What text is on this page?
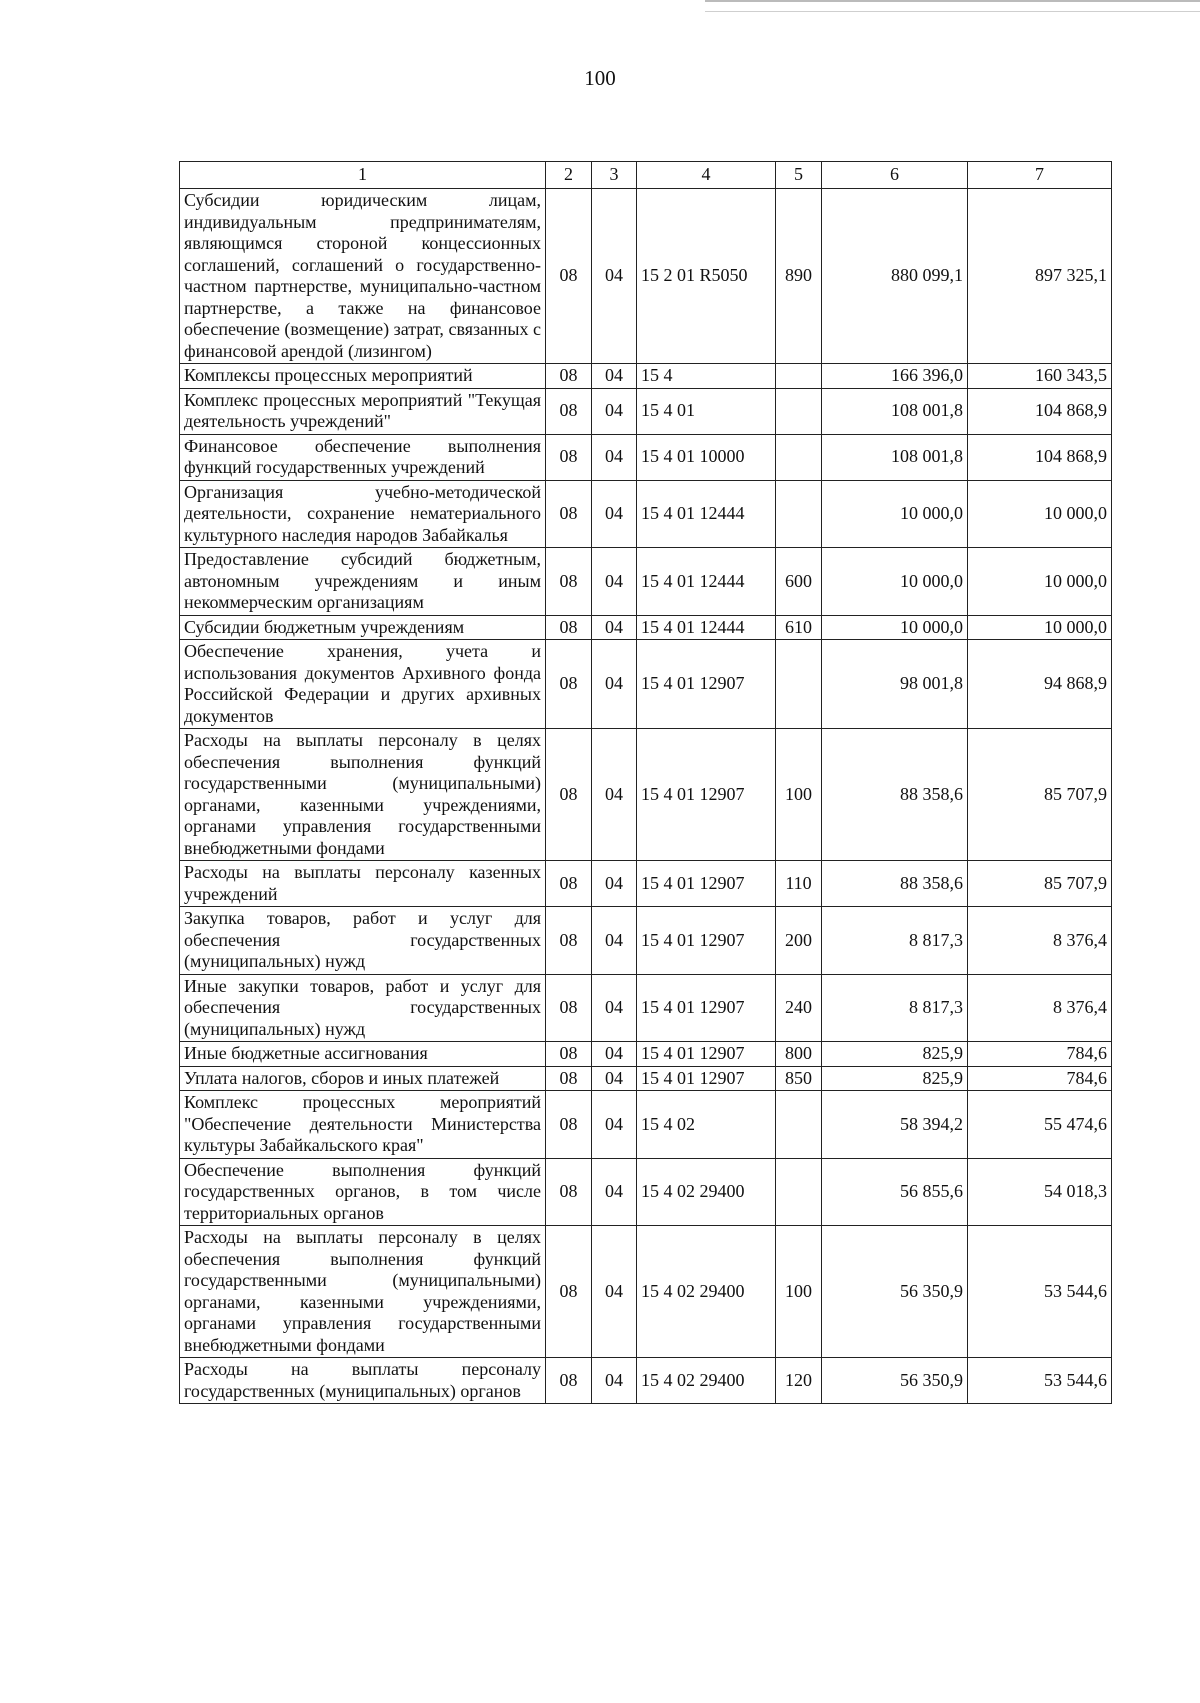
100
1	2	3	4	5	6	7
Субсидии юридическим лицам, индивидуальным предпринимателям, являющимся стороной концессионных соглашений, соглашений о государственно-частном партнерстве, муниципально-частном партнерстве, а также на финансовое обеспечение (возмещение) затрат, связанных с финансовой арендой (лизингом)	08	04	15 2 01 R5050	890	880 099,1	897 325,1
Комплексы процессных мероприятий	08	04	15 4		166 396,0	160 343,5
Комплекс процессных мероприятий "Текущая деятельность учреждений"	08	04	15 4 01		108 001,8	104 868,9
Финансовое обеспечение выполнения функций государственных учреждений	08	04	15 4 01 10000		108 001,8	104 868,9
Организация учебно-методической деятельности, сохранение нематериального культурного наследия народов Забайкалья	08	04	15 4 01 12444		10 000,0	10 000,0
Предоставление субсидий бюджетным, автономным учреждениям и иным некоммерческим организациям	08	04	15 4 01 12444	600	10 000,0	10 000,0
Субсидии бюджетным учреждениям	08	04	15 4 01 12444	610	10 000,0	10 000,0
Обеспечение хранения, учета и использования документов Архивного фонда Российской Федерации и других архивных документов	08	04	15 4 01 12907		98 001,8	94 868,9
Расходы на выплаты персоналу в целях обеспечения выполнения функций государственными (муниципальными) органами, казенными учреждениями, органами управления государственными внебюджетными фондами	08	04	15 4 01 12907	100	88 358,6	85 707,9
Расходы на выплаты персоналу казенных учреждений	08	04	15 4 01 12907	110	88 358,6	85 707,9
Закупка товаров, работ и услуг для обеспечения государственных (муниципальных) нужд	08	04	15 4 01 12907	200	8 817,3	8 376,4
Иные закупки товаров, работ и услуг для обеспечения государственных (муниципальных) нужд	08	04	15 4 01 12907	240	8 817,3	8 376,4
Иные бюджетные ассигнования	08	04	15 4 01 12907	800	825,9	784,6
Уплата налогов, сборов и иных платежей	08	04	15 4 01 12907	850	825,9	784,6
Комплекс процессных мероприятий "Обеспечение деятельности Министерства культуры Забайкальского края"	08	04	15 4 02		58 394,2	55 474,6
Обеспечение выполнения функций государственных органов, в том числе территориальных органов	08	04	15 4 02 29400		56 855,6	54 018,3
Расходы на выплаты персоналу в целях обеспечения выполнения функций государственными (муниципальными) органами, казенными учреждениями, органами управления государственными внебюджетными фондами	08	04	15 4 02 29400	100	56 350,9	53 544,6
Расходы на выплаты персоналу государственных (муниципальных) органов	08	04	15 4 02 29400	120	56 350,9	53 544,6
